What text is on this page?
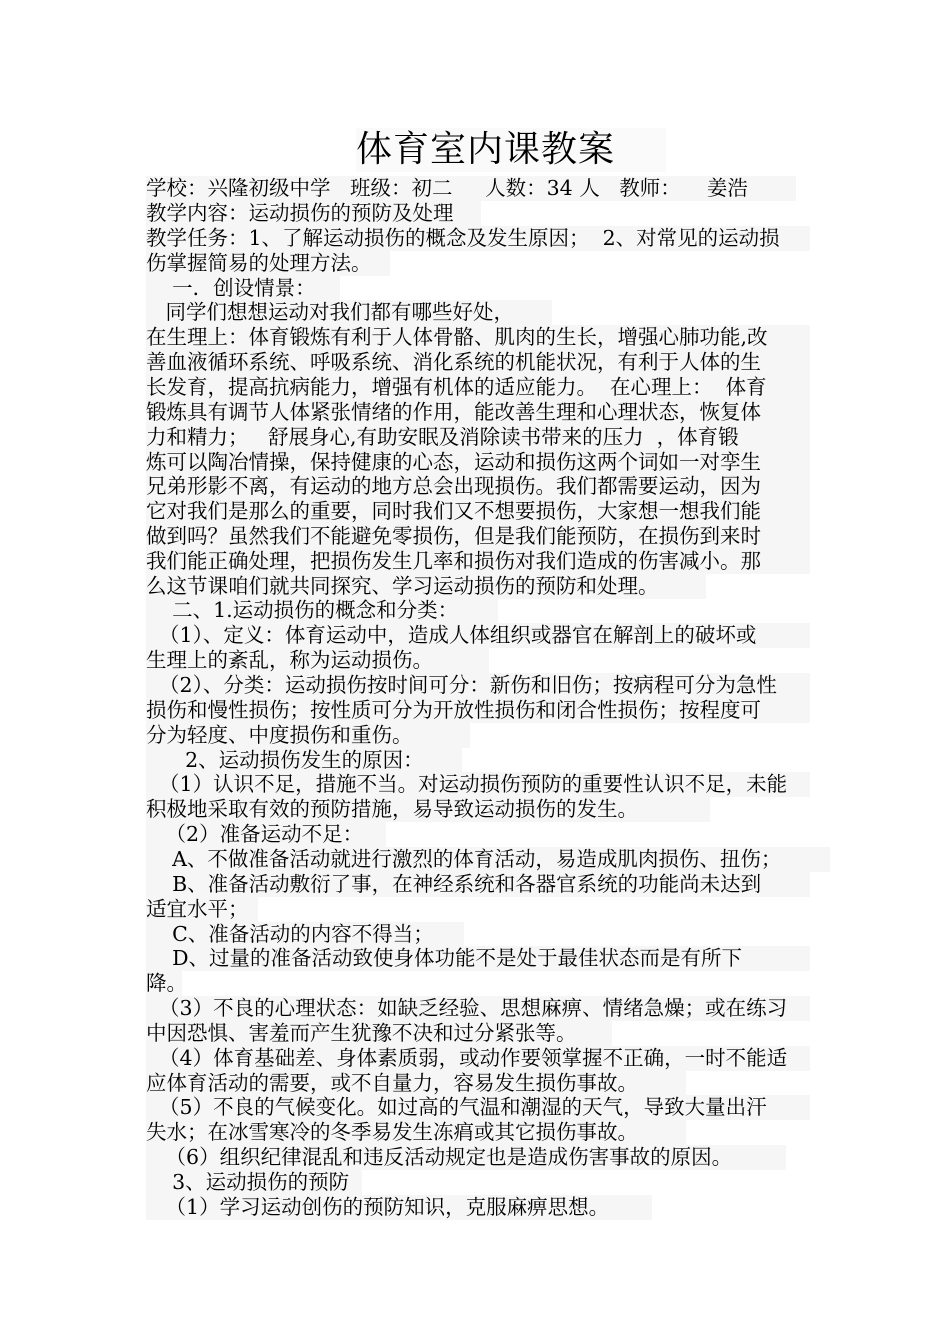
体育室内课教案
学校：兴隆初级中学   班级：初二     人数：34 人   教师：    姜浩
教学内容：运动损伤的预防及处理
教学任务：1、了解运动损伤的概念及发生原因；  2、对常见的运动损
伤掌握简易的处理方法。
一．创设情景：
同学们想想运动对我们都有哪些好处，
在生理上：体育锻炼有利于人体骨骼、肌肉的生长，增强心肺功能,改
善血液循环系统、呼吸系统、消化系统的机能状况，有利于人体的生
长发育，提高抗病能力，增强有机体的适应能力。  在心理上：  体育
锻炼具有调节人体紧张情绪的作用，能改善生理和心理状态，恢复体
力和精力；   舒展身心,有助安眠及消除读书带来的压力  ，体育锻
炼可以陶冶情操，保持健康的心态，运动和损伤这两个词如一对孪生
兄弟形影不离，有运动的地方总会出现损伤。我们都需要运动，因为
它对我们是那么的重要，同时我们又不想要损伤，大家想一想我们能
做到吗？虽然我们不能避免零损伤，但是我们能预防，在损伤到来时
我们能正确处理，把损伤发生几率和损伤对我们造成的伤害减小。那
么这节课咱们就共同探究、学习运动损伤的预防和处理。
二、1.运动损伤的概念和分类：
（1）、定义：体育运动中，造成人体组织或器官在解剖上的破坏或
生理上的紊乱，称为运动损伤。
（2）、分类：运动损伤按时间可分：新伤和旧伤；按病程可分为急性
损伤和慢性损伤；按性质可分为开放性损伤和闭合性损伤；按程度可
分为轻度、中度损伤和重伤。
2、运动损伤发生的原因：
（1）认识不足，措施不当。对运动损伤预防的重要性认识不足，未能
积极地采取有效的预防措施，易导致运动损伤的发生。
（2）准备运动不足：
A、不做准备活动就进行激烈的体育活动，易造成肌肉损伤、扭伤；
B、准备活动敷衍了事，在神经系统和各器官系统的功能尚未达到
适宜水平；
C、准备活动的内容不得当；
D、过量的准备活动致使身体功能不是处于最佳状态而是有所下
降。
（3）不良的心理状态：如缺乏经验、思想麻痹、情绪急燥；或在练习
中因恐惧、害羞而产生犹豫不决和过分紧张等。
（4）体育基础差、身体素质弱，或动作要领掌握不正确，一时不能适
应体育活动的需要，或不自量力，容易发生损伤事故。
（5）不良的气候变化。如过高的气温和潮湿的天气，导致大量出汗
失水；在冰雪寒冷的冬季易发生冻㾓或其它损伤事故。
（6）组织纪律混乱和违反活动规定也是造成伤害事故的原因。
3、运动损伤的预防
（1）学习运动创伤的预防知识，克服麻痹思想。
